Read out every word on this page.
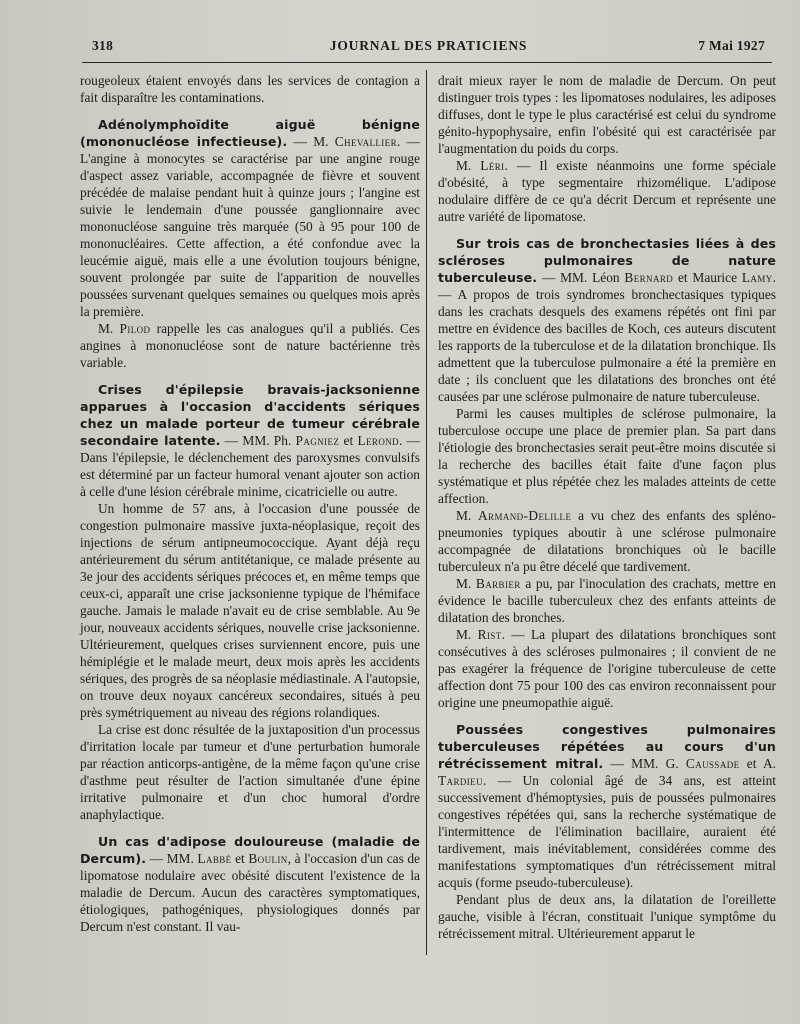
318	JOURNAL DES PRATICIENS	7 Mai 1927

rougeoleux étaient envoyés dans les services de contagion a fait disparaître les contaminations.

Adénolymphoïdite aiguë bénigne (mononucléose infectieuse). — M. Chevallier. — L'angine à monocytes se caractérise par une angine rouge d'aspect assez variable, accompagnée de fièvre et souvent précédée de malaise pendant huit à quinze jours ; l'angine est suivie le lendemain d'une poussée ganglionnaire avec mononucléose sanguine très marquée (50 à 95 pour 100 de mononucléaires. Cette affection, a été confondue avec la leucémie aiguë, mais elle a une évolution toujours bénigne, souvent prolongée par suite de l'apparition de nouvelles poussées survenant quelques semaines ou quelques mois après la première.

M. Pilod rappelle les cas analogues qu'il a publiés. Ces angines à mononucléose sont de nature bactérienne très variable.

Crises d'épilepsie bravais-jacksonienne apparues à l'occasion d'accidents sériques chez un malade porteur de tumeur cérébrale secondaire latente. — MM. Ph. Pagniez et Lerond. — Dans l'épilepsie, le déclenchement des paroxysmes convulsifs est déterminé par un facteur humoral venant ajouter son action à celle d'une lésion cérébrale minime, cicatricielle ou autre.

Un homme de 57 ans, à l'occasion d'une poussée de congestion pulmonaire massive juxta-néoplasique, reçoit des injections de sérum antipneumococcique. Ayant déjà reçu antérieurement du sérum antitétanique, ce malade présente au 3e jour des accidents sériques précoces et, en même temps que ceux-ci, apparaît une crise jacksonienne typique de l'hémiface gauche. Jamais le malade n'avait eu de crise semblable. Au 9e jour, nouveaux accidents sériques, nouvelle crise jacksonienne. Ultérieurement, quelques crises surviennent encore, puis une hémiplégie et le malade meurt, deux mois après les accidents sériques, des progrès de sa néoplasie médiastinale. A l'autopsie, on trouve deux noyaux cancéreux secondaires, situés à peu près symétriquement au niveau des régions rolandiques.

La crise est donc résultée de la juxtaposition d'un processus d'irritation locale par tumeur et d'une perturbation humorale par réaction anticorps-antigène, de la même façon qu'une crise d'asthme peut résulter de l'action simultanée d'une épine irritative pulmonaire et d'un choc humoral d'ordre anaphylactique.

Un cas d'adipose douloureuse (maladie de Dercum). — MM. Labbé et Boulin, à l'occasion d'un cas de lipomatose nodulaire avec obésité discutent l'existence de la maladie de Dercum. Aucun des caractères symptomatiques, étiologiques, pathogéniques, physiologiques donnés par Dercum n'est constant. Il vau-

drait mieux rayer le nom de maladie de Dercum. On peut distinguer trois types : les lipomatoses nodulaires, les adiposes diffuses, dont le type le plus caractérisé est celui du syndrome génito-hypophysaire, enfin l'obésité qui est caractérisée par l'augmentation du poids du corps.

M. Léri. — Il existe néanmoins une forme spéciale d'obésité, à type segmentaire rhizomélique. L'adipose nodulaire diffère de ce qu'a décrit Dercum et représente une autre variété de lipomatose.

Sur trois cas de bronchectasies liées à des scléroses pulmonaires de nature tuberculeuse. — MM. Léon Bernard et Maurice Lamy. — A propos de trois syndromes bronchectasiques typiques dans les crachats desquels des examens répétés ont fini par mettre en évidence des bacilles de Koch, ces auteurs discutent les rapports de la tuberculose et de la dilatation bronchique. Ils admettent que la tuberculose pulmonaire a été la première en date ; ils concluent que les dilatations des bronches ont été causées par une sclérose pulmonaire de nature tuberculeuse.

Parmi les causes multiples de sclérose pulmonaire, la tuberculose occupe une place de premier plan. Sa part dans l'étiologie des bronchectasies serait peut-être moins discutée si la recherche des bacilles était faite d'une façon plus systématique et plus répétée chez les malades atteints de cette affection.

M. Armand-Delille a vu chez des enfants des spléno-pneumonies typiques aboutir à une sclérose pulmonaire accompagnée de dilatations bronchiques où le bacille tuberculeux n'a pu être décelé que tardivement.

M. Barbier a pu, par l'inoculation des crachats, mettre en évidence le bacille tuberculeux chez des enfants atteints de dilatation des bronches.

M. Rist. — La plupart des dilatations bronchiques sont consécutives à des scléroses pulmonaires ; il convient de ne pas exagérer la fréquence de l'origine tuberculeuse de cette affection dont 75 pour 100 des cas environ reconnaissent pour origine une pneumopathie aiguë.

Poussées congestives pulmonaires tuberculeuses répétées au cours d'un rétrécissement mitral. — MM. G. Caussade et A. Tardieu. — Un colonial âgé de 34 ans, est atteint successivement d'hémoptysies, puis de poussées pulmonaires congestives répétées qui, sans la recherche systématique de l'intermittence de l'élimination bacillaire, auraient été tardivement, mais inévitablement, considérées comme des manifestations symptomatiques d'un rétrécissement mitral acquis (forme pseudo-tuberculeuse).

Pendant plus de deux ans, la dilatation de l'oreillette gauche, visible à l'écran, constituait l'unique symptôme du rétrécissement mitral. Ultérieurement apparut le
